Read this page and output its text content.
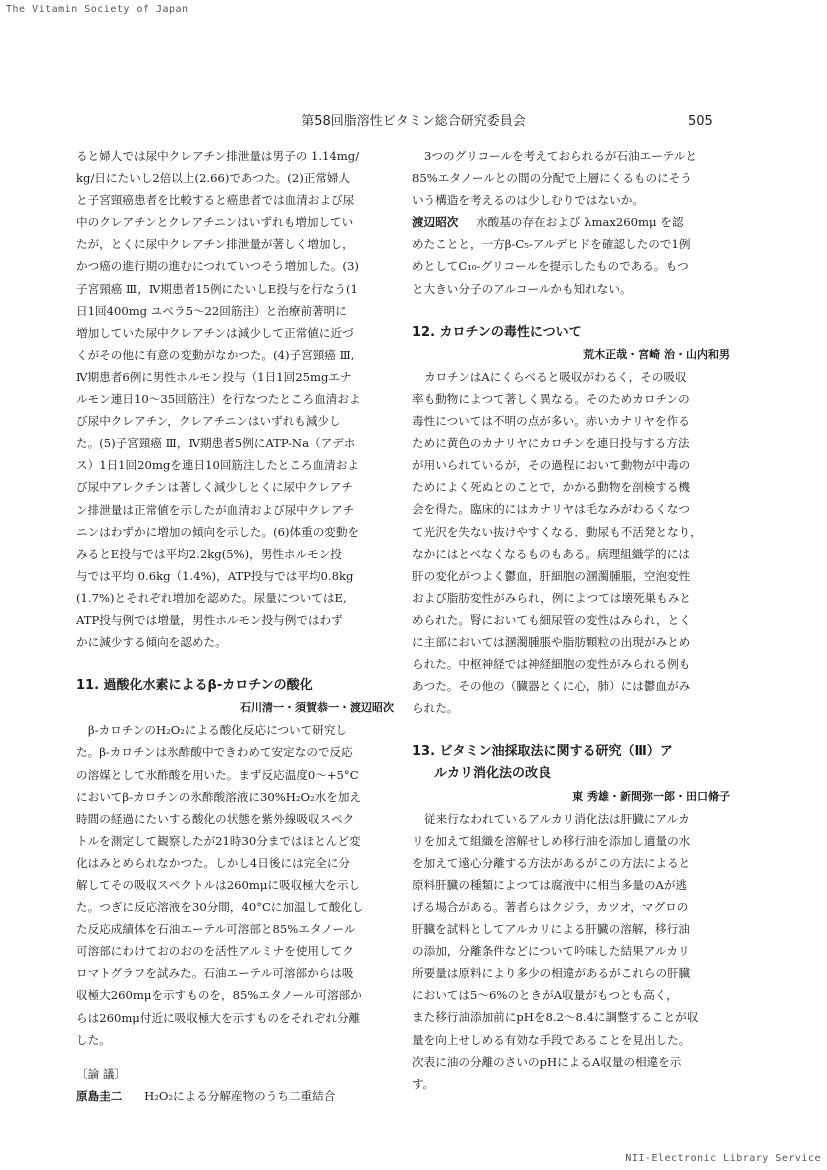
The Vitamin Society of Japan
第58回脂溶性ビタミン総合研究委員会	505
ると婦人では尿中クレアチン排泄量は男子の 1.14mg/
kg/日にたいし2倍以上(2.66)であつた。(2)正常婦人
と子宮頸癌患者を比較すると癌患者では血清および尿
中のクレアチンとクレアチニンはいずれも増加してい
たが，とくに尿中クレアチン排泄量が著しく増加し，
かつ癌の進行期の進むにつれていつそう増加した。(3)
子宮頸癌 Ⅲ，Ⅳ期患者15例にたいしE投与を行なう(1
日1回400mg ユベラ5～22回筋注）と治療前著明に
増加していた尿中クレアチンは減少して正常値に近づ
くがその他に有意の変動がなかつた。(4)子宮頸癌 Ⅲ,
Ⅳ期患者6例に男性ホルモン投与（1日1回25mgエナ
ルモン連日10～35回筋注）を行なつたところ血清およ
び尿中クレアチン，クレアチニンはいずれも減少し
た。(5)子宮頸癌 Ⅲ，Ⅳ期患者5例にATP-Na（アデホ
ス）1日1回20mgを連日10回筋注したところ血清およ
び尿中アレクチンは著しく減少しとくに尿中クレアチ
ン排泄量は正常値を示したが血清および尿中クレアチ
ニンはわずかに増加の傾向を示した。(6)体重の変動を
みるとE投与では平均2.2kg(5%)，男性ホルモン投
与では平均 0.6kg（1.4%)，ATP投与では平均0.8kg
(1.7%)とそれぞれ増加を認めた。尿量についてはE,
ATP投与例では増量，男性ホルモン投与例ではわず
かに減少する傾向を認めた。
11. 過酸化水素によるβ-カロチンの酸化
石川清一・須賀恭一・渡辺昭次
β-カロチンのH₂O₂による酸化反応について研究し
た。β-カロチンは氷酢酸中できわめて安定なので反応
の溶媒として氷酢酸を用いた。まず反応温度0～+5°C
においてβ-カロチンの氷酢酸溶液に30%H₂O₂水を加え
時間の経過にたいする酸化の状態を紫外線吸収スペク
トルを測定して観察したが21時30分まではほとんど変
化はみとめられなかつた。しかし4日後には完全に分
解してその吸収スペクトルは260mμに吸収極大を示し
た。つぎに反応溶液を30分間，40°Cに加温して酸化し
た反応成績体を石油エーテル可溶部と85%エタノール
可溶部にわけておのおのを活性アルミナを使用してク
ロマトグラフを試みた。石油エーテル可溶部からは吸
収極大260mμを示すものを，85%エタノール可溶部か
らは260mμ付近に吸収極大を示すものをそれぞれ分離
した。
〔論 議〕
原島圭二 H₂O₂による分解産物のうち二重結合
3つのグリコールを考えておられるが石油エーテルと
85%エタノールとの間の分配で上層にくるものにそう
いう構造を考えるのは少しむりではないか。
渡辺昭次 水酸基の存在および λmax260mμ を認
めたことと，一方β-C₅-アルデヒドを確認したので1例
めとしてC₁₀-グリコールを提示したものである。もつ
と大きい分子のアルコールかも知れない。
12. カロチンの毒性について
荒木正哉・宮崎 治・山内和男
カロチンはAにくらべると吸収がわるく，その吸収
率も動物によつて著しく異なる。そのためカロチンの
毒性については不明の点が多い。赤いカナリヤを作る
ために黄色のカナリヤにカロチンを連日投与する方法
が用いられているが，その過程において動物が中毒の
ためによく死ぬとのことで，かかる動物を剖検する機
会を得た。臨床的にはカナリヤは毛なみがわるくなつ
て光沢を失ない抜けやすくなる．動尿も不活発となり，
なかにはとべなくなるものもある。病理組織学的には
肝の変化がつよく鬱血，肝細胞の溷濁腫脹，空泡変性
および脂肪変性がみられ，例によつては壊死巣もみと
められた。腎においても細尿管の変性はみられ，とく
に主部においては溷濁腫脹や脂肪顆粒の出現がみとめ
られた。中枢神経では神経細胞の変性がみられる例も
あつた。その他の（臓器とくに心，肺）には鬱血がみ
られた。
13. ビタミン油採取法に関する研究（Ⅲ）ア
ルカリ消化法の改良
東 秀雄・新間弥一郎・田口脩子
従来行なわれているアルカリ消化法は肝臓にアルカ
リを加えて組織を溶解せしめ移行油を添加し適量の水
を加えて遠心分離する方法があるがこの方法によると
原料肝臓の種類によつては腐液中に相当多量のAが逃
げる場合がある。著者らはクジラ，カツオ，マグロの
肝臓を試料としてアルカリによる肝臓の溶解，移行油
の添加，分離条件などについて吟味した結果アルカリ
所要量は原料により多少の相違があるがこれらの肝臓
においては5～6%のときがA収量がもつとも高く，
また移行油添加前にpHを8.2～8.4に調整することが収
量を向上せしめる有効な手段であることを見出した。
次表に油の分離のさいのpHによるA収量の相違を示
す。
NII-Electronic Library Service
